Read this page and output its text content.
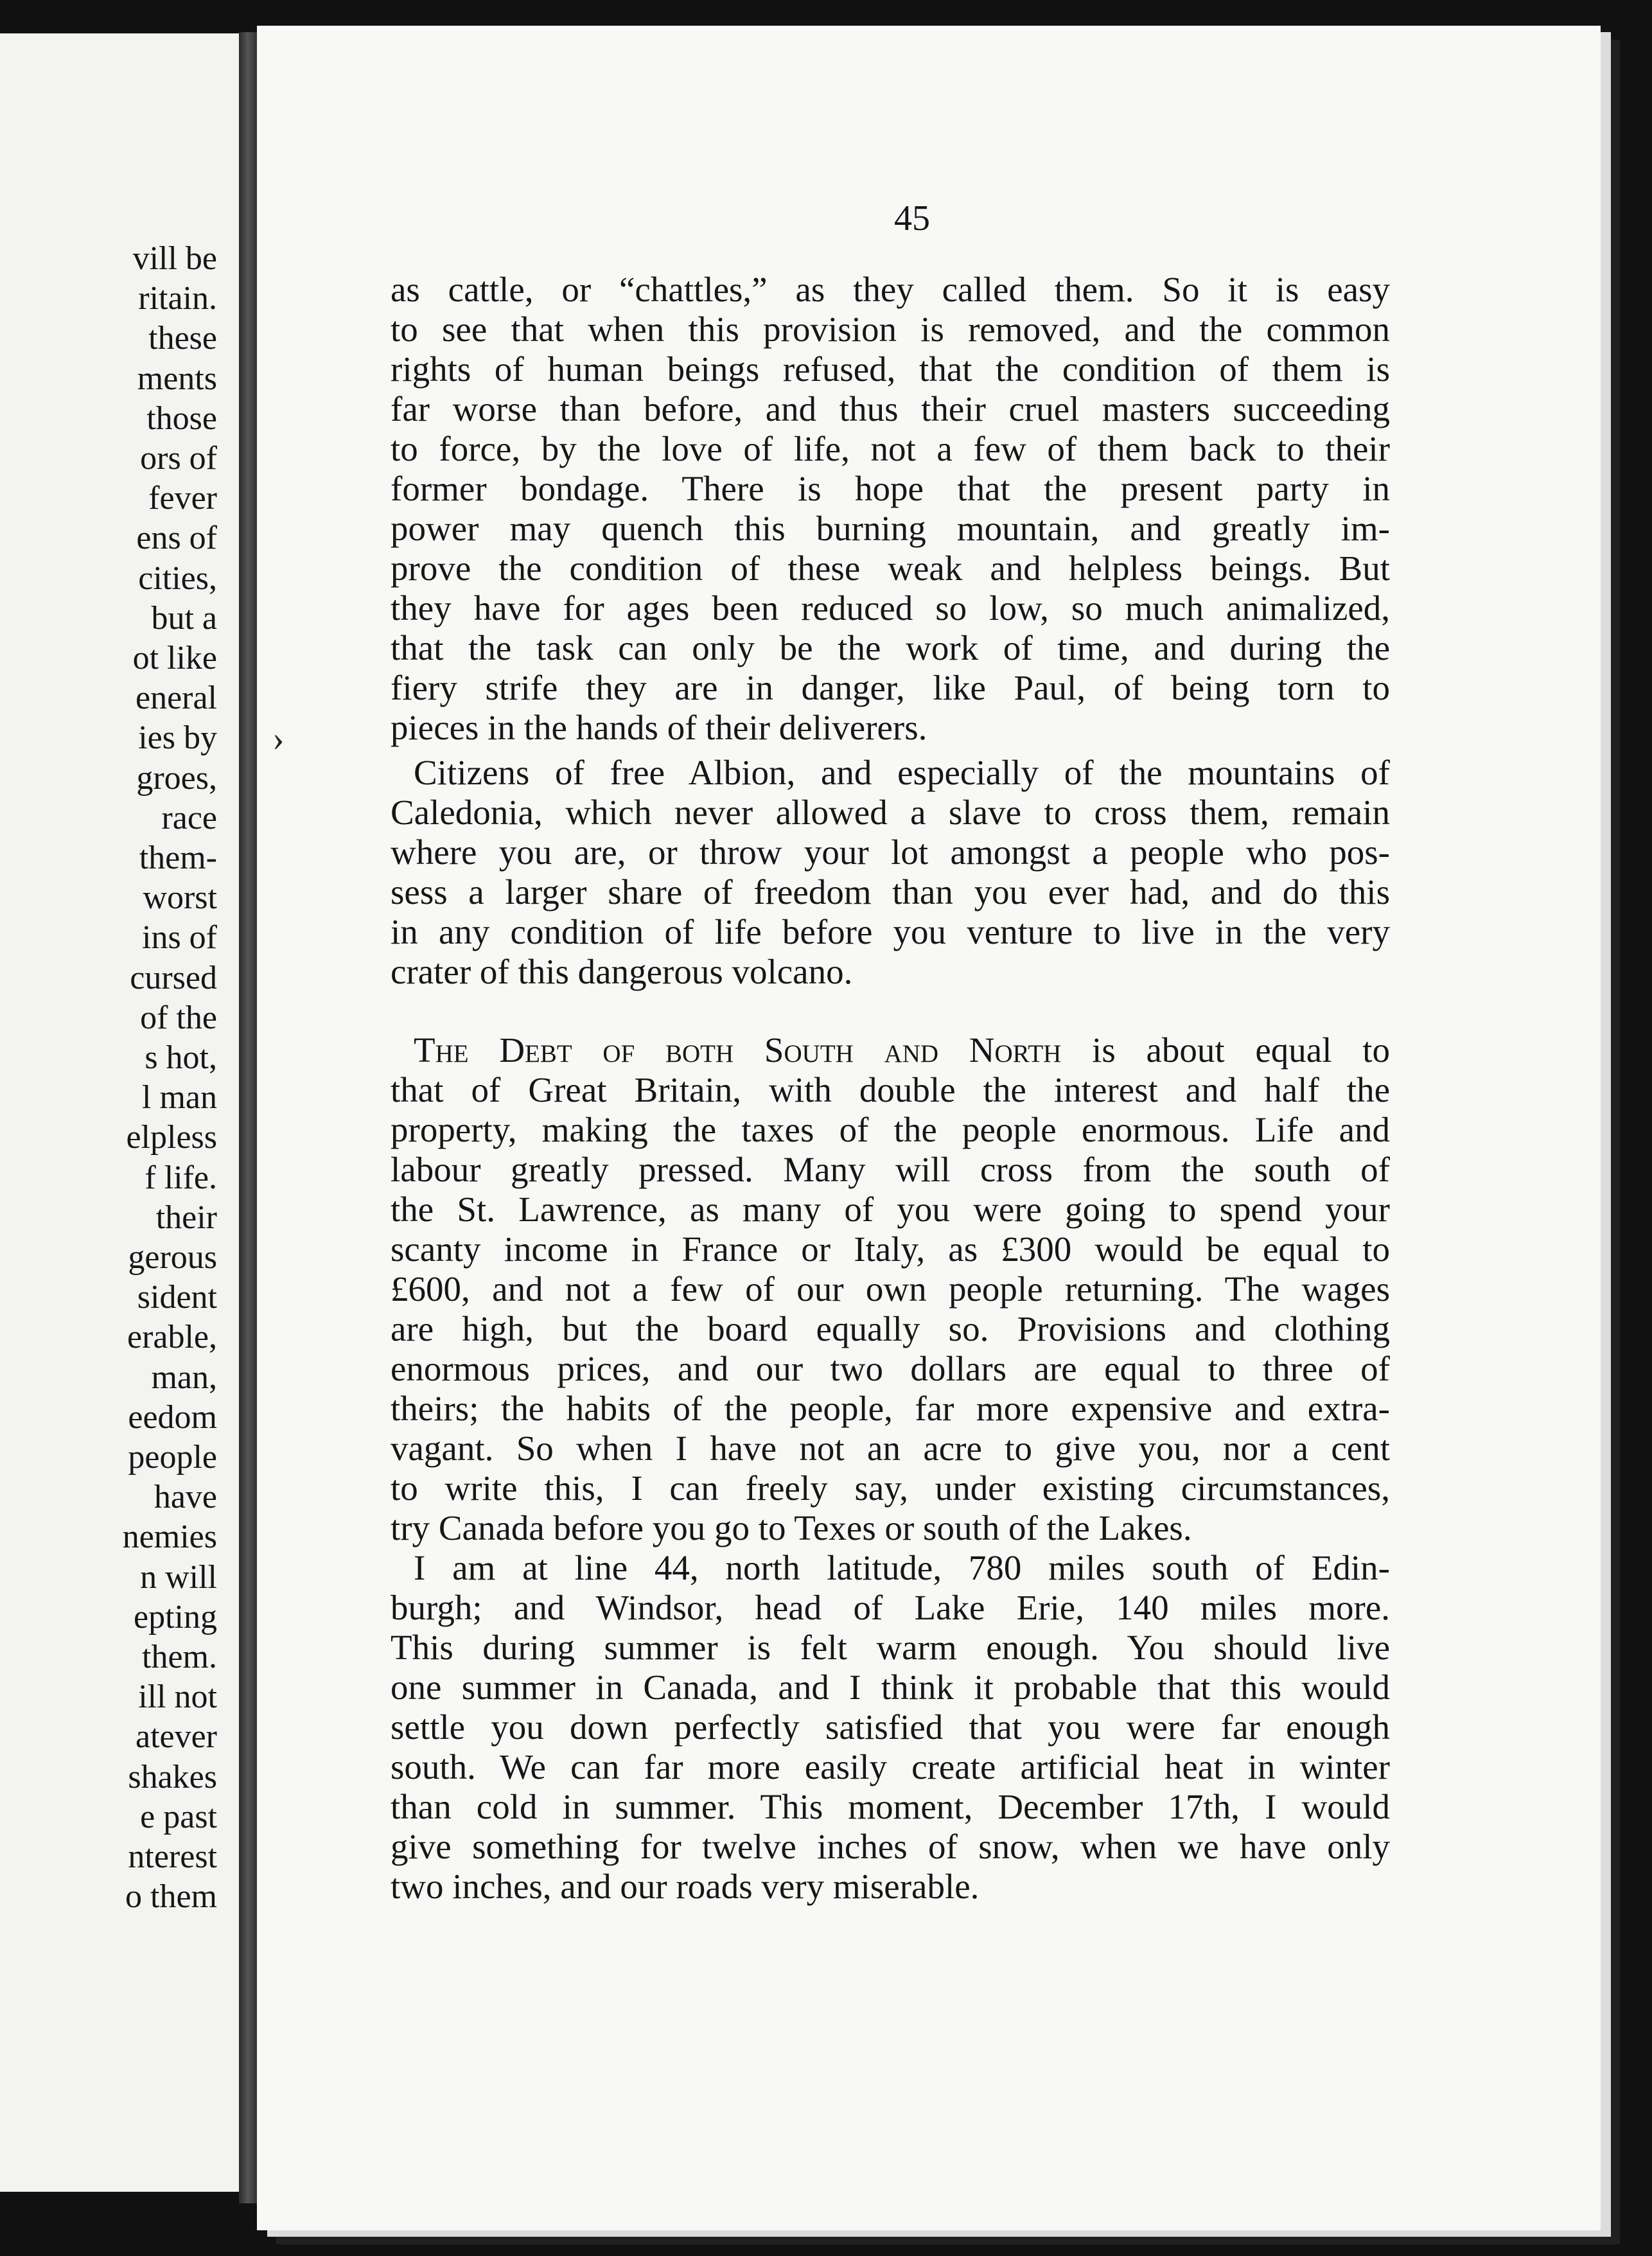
vill be
ritain.
these
ments
those
ors of
fever
ens of
cities,
but a
ot like
eneral
ies by
groes,
race
them-
worst
ins of
cursed
of the
s hot,
l man
elpless
f life.
their
gerous
sident
erable,
man,
eedom
people
have
nemies
n will
epting
them.
ill not
atever
shakes
e past
nterest
o them
45
›
as cattle, or “chattles,” as they called them. So it is easy
to see that when this provision is removed, and the common
rights of human beings refused, that the condition of them is
far worse than before, and thus their cruel masters succeeding
to force, by the love of life, not a few of them back to their
former bondage. There is hope that the present party in
power may quench this burning mountain, and greatly im-
prove the condition of these weak and helpless beings. But
they have for ages been reduced so low, so much animalized,
that the task can only be the work of time, and during the
fiery strife they are in danger, like Paul, of being torn to
pieces in the hands of their deliverers.
Citizens of free Albion, and especially of the mountains of
Caledonia, which never allowed a slave to cross them, remain
where you are, or throw your lot amongst a people who pos-
sess a larger share of freedom than you ever had, and do this
in any condition of life before you venture to live in the very
crater of this dangerous volcano.
The Debt of both South and North is about equal to
that of Great Britain, with double the interest and half the
property, making the taxes of the people enormous. Life and
labour greatly pressed. Many will cross from the south of
the St. Lawrence, as many of you were going to spend your
scanty income in France or Italy, as £300 would be equal to
£600, and not a few of our own people returning. The wages
are high, but the board equally so. Provisions and clothing
enormous prices, and our two dollars are equal to three of
theirs; the habits of the people, far more expensive and extra-
vagant. So when I have not an acre to give you, nor a cent
to write this, I can freely say, under existing circumstances,
try Canada before you go to Texes or south of the Lakes.
I am at line 44, north latitude, 780 miles south of Edin-
burgh; and Windsor, head of Lake Erie, 140 miles more.
This during summer is felt warm enough. You should live
one summer in Canada, and I think it probable that this would
settle you down perfectly satisfied that you were far enough
south. We can far more easily create artificial heat in winter
than cold in summer. This moment, December 17th, I would
give something for twelve inches of snow, when we have only
two inches, and our roads very miserable.
